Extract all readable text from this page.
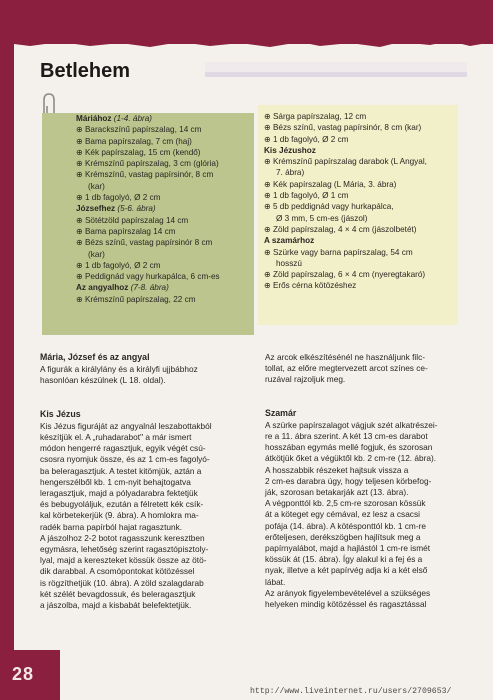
28
Betlehem
Máriához (1-4. ábra)
⊕ Barackszínű papírszalag, 14 cm
⊕ Bama papírszalag, 7 cm (haj)
⊕ Kék papírszalag, 15 cm (kendő)
⊕ Krémszínű papírszalag, 3 cm (glória)
⊕ Krémszínű, vastag papírsinór, 8 cm
(kar)
⊕ 1 db fagolyó, Ø 2 cm
Józsefhez (5-6. ábra)
⊕ Sötétzöld papírszalag 14 cm
⊕ Bama papírszalag 14 cm
⊕ Bézs színű, vastag papírsinór 8 cm
(kar)
⊕ 1 db fagolyó, Ø 2 cm
⊕ Peddignád vagy hurkapálca, 6 cm-es
Az angyalhoz (7-8. ábra)
⊕ Krémszínű papírszalag, 22 cm
⊕ Sárga papírszalag, 12 cm
⊕ Bézs színű, vastag papírsinór, 8 cm (kar)
⊕ 1 db fagolyó, Ø 2 cm
Kis Jézushoz
⊕ Krémszínű papírszalag darabok (L Angyal,
7. ábra)
⊕ Kék papírszalag (L Mária, 3. ábra)
⊕ 1 db fagolyó, Ø 1 cm
⊕ 5 db peddignád vagy hurkapálca,
Ø 3 mm, 5 cm-es (jászol)
⊕ Zöld papírszalag, 4 × 4 cm (jászolbetét)
A szamárhoz
⊕ Szürke vagy barna papírszalag, 54 cm
hosszú
⊕ Zöld papírszalag, 6 × 4 cm (nyeregtakaró)
⊕ Erős cérna kötözéshez
Mária, József és az angyal
A figurák a királylány és a királyfi ujjbábhoz
hasonlóan készülnek (L 18. oldal).
Kis Jézus
Kis Jézus figuráját az angyalnál leszabottakból
készítjük el. A „ruhadarabot" a már ismert
módon hengerré ragasztjuk, egyik végét csú-
csosra nyomjuk össze, és az 1 cm-es fagolyó-
ba beleragasztjuk. A testet kitömjük, aztán a
hengerszélből kb. 1 cm-nyit behajtogatva
leragasztjuk, majd a pólyadarabra fektetjük
és bebugyoláljuk, ezután a félretett kék csík-
kal körbetekerjük (9. ábra). A homlokra ma-
radék barna papírból hajat ragasztunk.
A jászolhoz 2-2 botot ragasszunk keresztben
egymásra, lehetőség szerint ragasztópisztoly-
lyal, majd a kereszteket kössük össze az ötö-
dik darabbal. A csomópontokat kötözéssel
is rögzíthetjük (10. ábra). A zöld szalagdarab
két szélét bevagdossuk, és beleragasztjuk
a jászolba, majd a kisbabát belefektetjük.
Az arcok elkészítésénél ne használjunk filc-
tollat, az előre megtervezett arcot színes ce-
ruzával rajzoljuk meg.
Szamár
A szürke papírszalagot vágjuk szét alkatrészei-
re a 11. ábra szerint. A két 13 cm-es darabot
hosszában egymás mellé fogjuk, és szorosan
átkötjük őket a végüktől kb. 2 cm-re (12. ábra).
A hosszabbik részeket hajtsuk vissza a
2 cm-es darabra úgy, hogy teljesen körbefog-
ják, szorosan betakarják azt (13. ábra).
A végponttól kb. 2,5 cm-re szorosan kössük
át a köteget egy cémával, ez lesz a csacsi
pofája (14. ábra). A kötésponttól kb. 1 cm-re
erőteljesen, derékszögben hajlítsuk meg a
papírnyalábot, majd a hajlástól 1 cm-re ismét
kössük át (15. ábra). Így alakul ki a fej és a
nyak, illetve a két papírvég adja ki a két első
lábat.
Az arányok figyelembevételével a szükséges
helyeken mindig kötözéssel és ragasztással
http://www.liveinternet.ru/users/2709653/
